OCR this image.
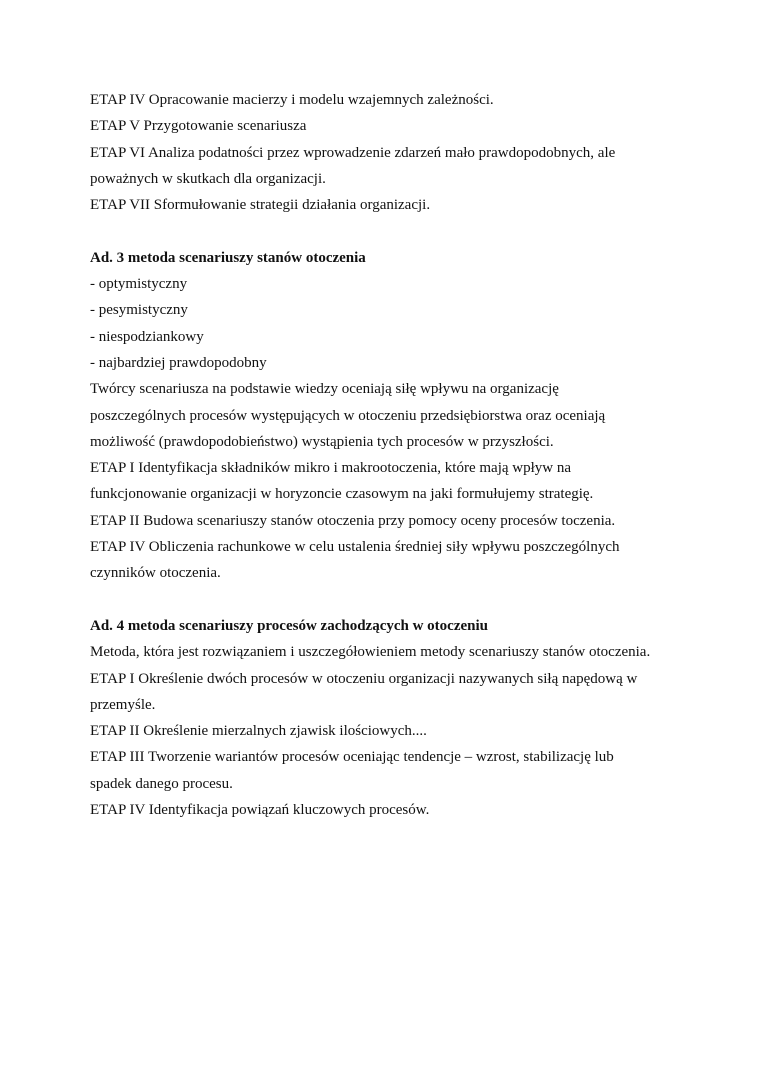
ETAP IV Opracowanie macierzy i modelu wzajemnych zależności.

ETAP V Przygotowanie scenariusza

ETAP VI Analiza podatności przez wprowadzenie zdarzeń mało prawdopodobnych, ale

poważnych w skutkach dla organizacji.

ETAP VII Sformułowanie strategii działania organizacji.

Ad. 3 metoda scenariuszy stanów otoczenia

- optymistyczny

- pesymistyczny

- niespodziankowy

- najbardziej prawdopodobny

Twórcy scenariusza na podstawie wiedzy oceniają siłę wpływu na organizację

poszczególnych procesów występujących w otoczeniu przedsiębiorstwa oraz oceniają

możliwość (prawdopodobieństwo) wystąpienia tych procesów w przyszłości.

ETAP I Identyfikacja składników mikro i makrootoczenia, które mają wpływ na

funkcjonowanie organizacji w horyzoncie czasowym na jaki formułujemy strategię.

ETAP II Budowa scenariuszy stanów otoczenia przy pomocy oceny procesów toczenia.

ETAP IV Obliczenia rachunkowe w celu ustalenia średniej siły wpływu poszczególnych

czynników otoczenia.

Ad. 4 metoda scenariuszy procesów zachodzących w otoczeniu

Metoda, która jest rozwiązaniem i uszczegółowieniem metody scenariuszy stanów otoczenia.

ETAP I Określenie dwóch procesów w otoczeniu organizacji nazywanych siłą napędową w

przemyśle.

ETAP II Określenie mierzalnych zjawisk ilościowych....

ETAP III Tworzenie wariantów procesów oceniając tendencje – wzrost, stabilizację lub

spadek danego procesu.

ETAP IV Identyfikacja powiązań kluczowych procesów.
